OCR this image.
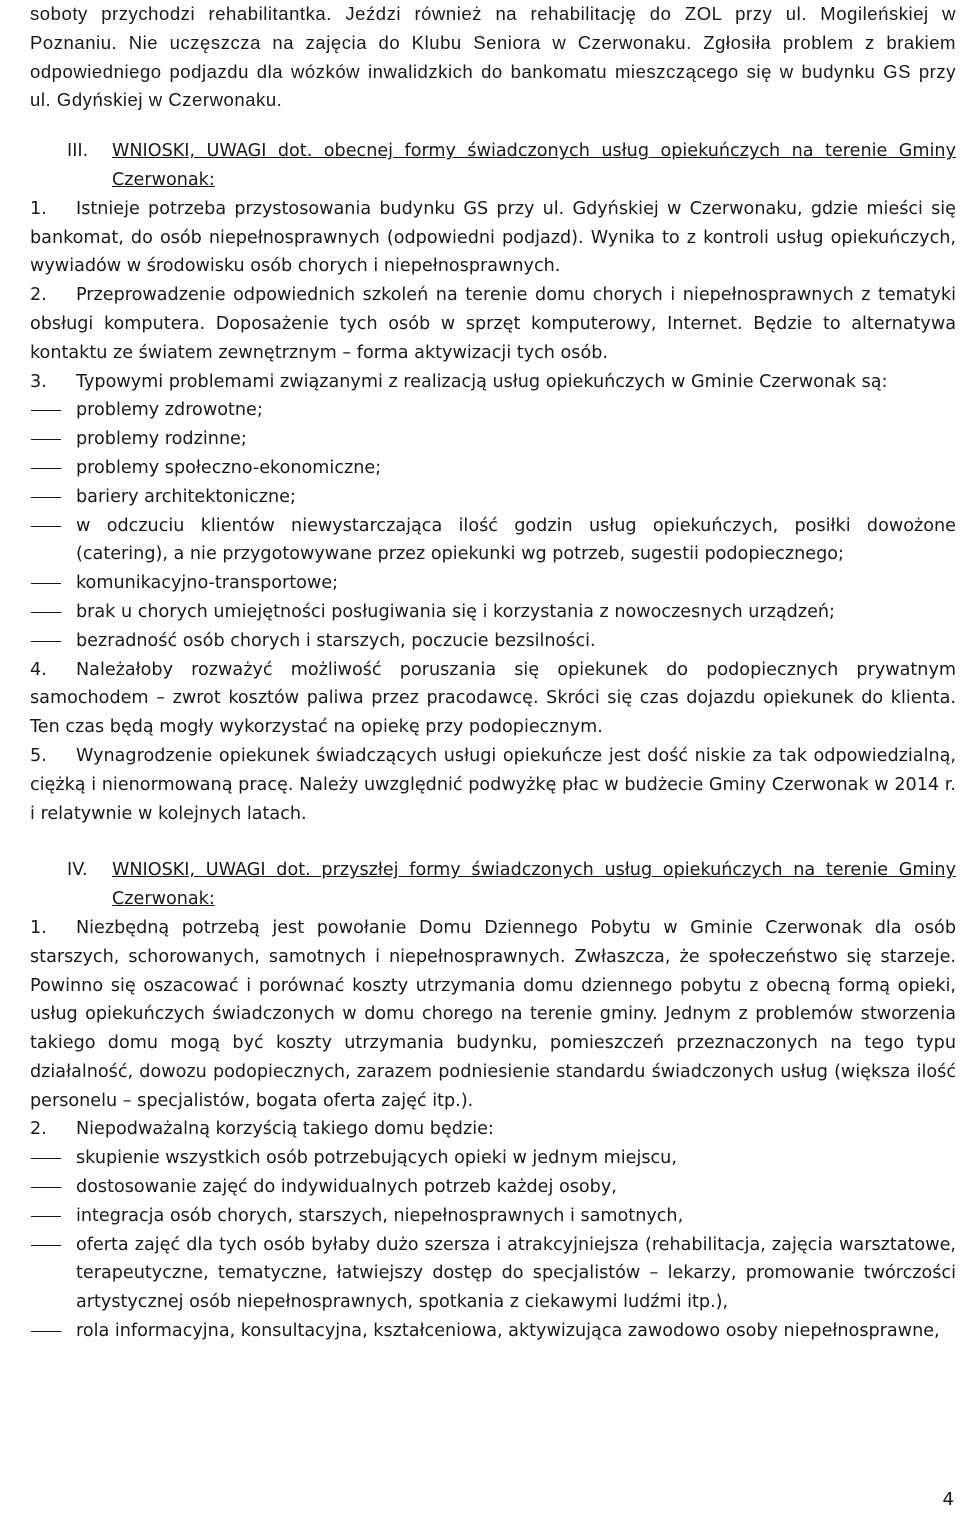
soboty przychodzi rehabilitantka. Jeździ również na rehabilitację do ZOL przy ul. Mogileńskiej w Poznaniu. Nie uczęszcza na zajęcia do Klubu Seniora w Czerwonaku. Zgłosiła problem z brakiem odpowiedniego podjazdu dla wózków inwalidzkich do bankomatu mieszczącego się w budynku GS przy ul. Gdyńskiej w Czerwonaku.

III.	WNIOSKI, UWAGI dot. obecnej formy świadczonych usług opiekuńczych na terenie Gminy Czerwonak:

1. Istnieje potrzeba przystosowania budynku GS przy ul. Gdyńskiej w Czerwonaku, gdzie mieści się bankomat, do osób niepełnosprawnych (odpowiedni podjazd). Wynika to z kontroli usług opiekuńczych, wywiadów w środowisku osób chorych i niepełnosprawnych.

2. Przeprowadzenie odpowiednich szkoleń na terenie domu chorych i niepełnosprawnych z tematyki obsługi komputera. Doposażenie tych osób w sprzęt komputerowy, Internet. Będzie to alternatywa kontaktu ze światem zewnętrznym – forma aktywizacji tych osób.

3. Typowymi problemami związanymi z realizacją usług opiekuńczych w Gminie Czerwonak są:

problemy zdrowotne;
problemy rodzinne;
problemy społeczno-ekonomiczne;
bariery architektoniczne;
w odczuciu klientów niewystarczająca ilość godzin usług opiekuńczych, posiłki dowożone (catering), a nie przygotowywane przez opiekunki wg potrzeb, sugestii podopiecznego;
komunikacyjno-transportowe;
brak u chorych umiejętności posługiwania się i korzystania z nowoczesnych urządzeń;
bezradność osób chorych i starszych, poczucie bezsilności.

4. Należałoby rozważyć możliwość poruszania się opiekunek do podopiecznych prywatnym samochodem – zwrot kosztów paliwa przez pracodawcę. Skróci się czas dojazdu opiekunek do klienta. Ten czas będą mogły wykorzystać na opiekę przy podopiecznym.

5. Wynagrodzenie opiekunek świadczących usługi opiekuńcze jest dość niskie za tak odpowiedzialną, ciężką i nienormowaną pracę. Należy uwzględnić podwyżkę płac w budżecie Gminy Czerwonak w 2014 r. i relatywnie w kolejnych latach.

IV.	WNIOSKI, UWAGI dot. przyszłej formy świadczonych usług opiekuńczych na terenie Gminy Czerwonak:

1. Niezbędną potrzebą jest powołanie Domu Dziennego Pobytu w Gminie Czerwonak dla osób starszych, schorowanych, samotnych i niepełnosprawnych. Zwłaszcza, że społeczeństwo się starzeje. Powinno się oszacować i porównać koszty utrzymania domu dziennego pobytu z obecną formą opieki, usług opiekuńczych świadczonych w domu chorego na terenie gminy. Jednym z problemów stworzenia takiego domu mogą być koszty utrzymania budynku, pomieszczeń przeznaczonych na tego typu działalność, dowozu podopiecznych, zarazem podniesienie standardu świadczonych usług (większa ilość personelu – specjalistów, bogata oferta zajęć itp.).

2. Niepodważalną korzyścią takiego domu będzie:

skupienie wszystkich osób potrzebujących opieki w jednym miejscu,
dostosowanie zajęć do indywidualnych potrzeb każdej osoby,
integracja osób chorych, starszych, niepełnosprawnych i samotnych,
oferta zajęć dla tych osób byłaby dużo szersza i atrakcyjniejsza (rehabilitacja, zajęcia warsztatowe, terapeutyczne, tematyczne, łatwiejszy dostęp do specjalistów – lekarzy, promowanie twórczości artystycznej osób niepełnosprawnych, spotkania z ciekawymi ludźmi itp.),
rola informacyjna, konsultacyjna, kształceniowa, aktywizująca zawodowo osoby niepełnosprawne,
4
